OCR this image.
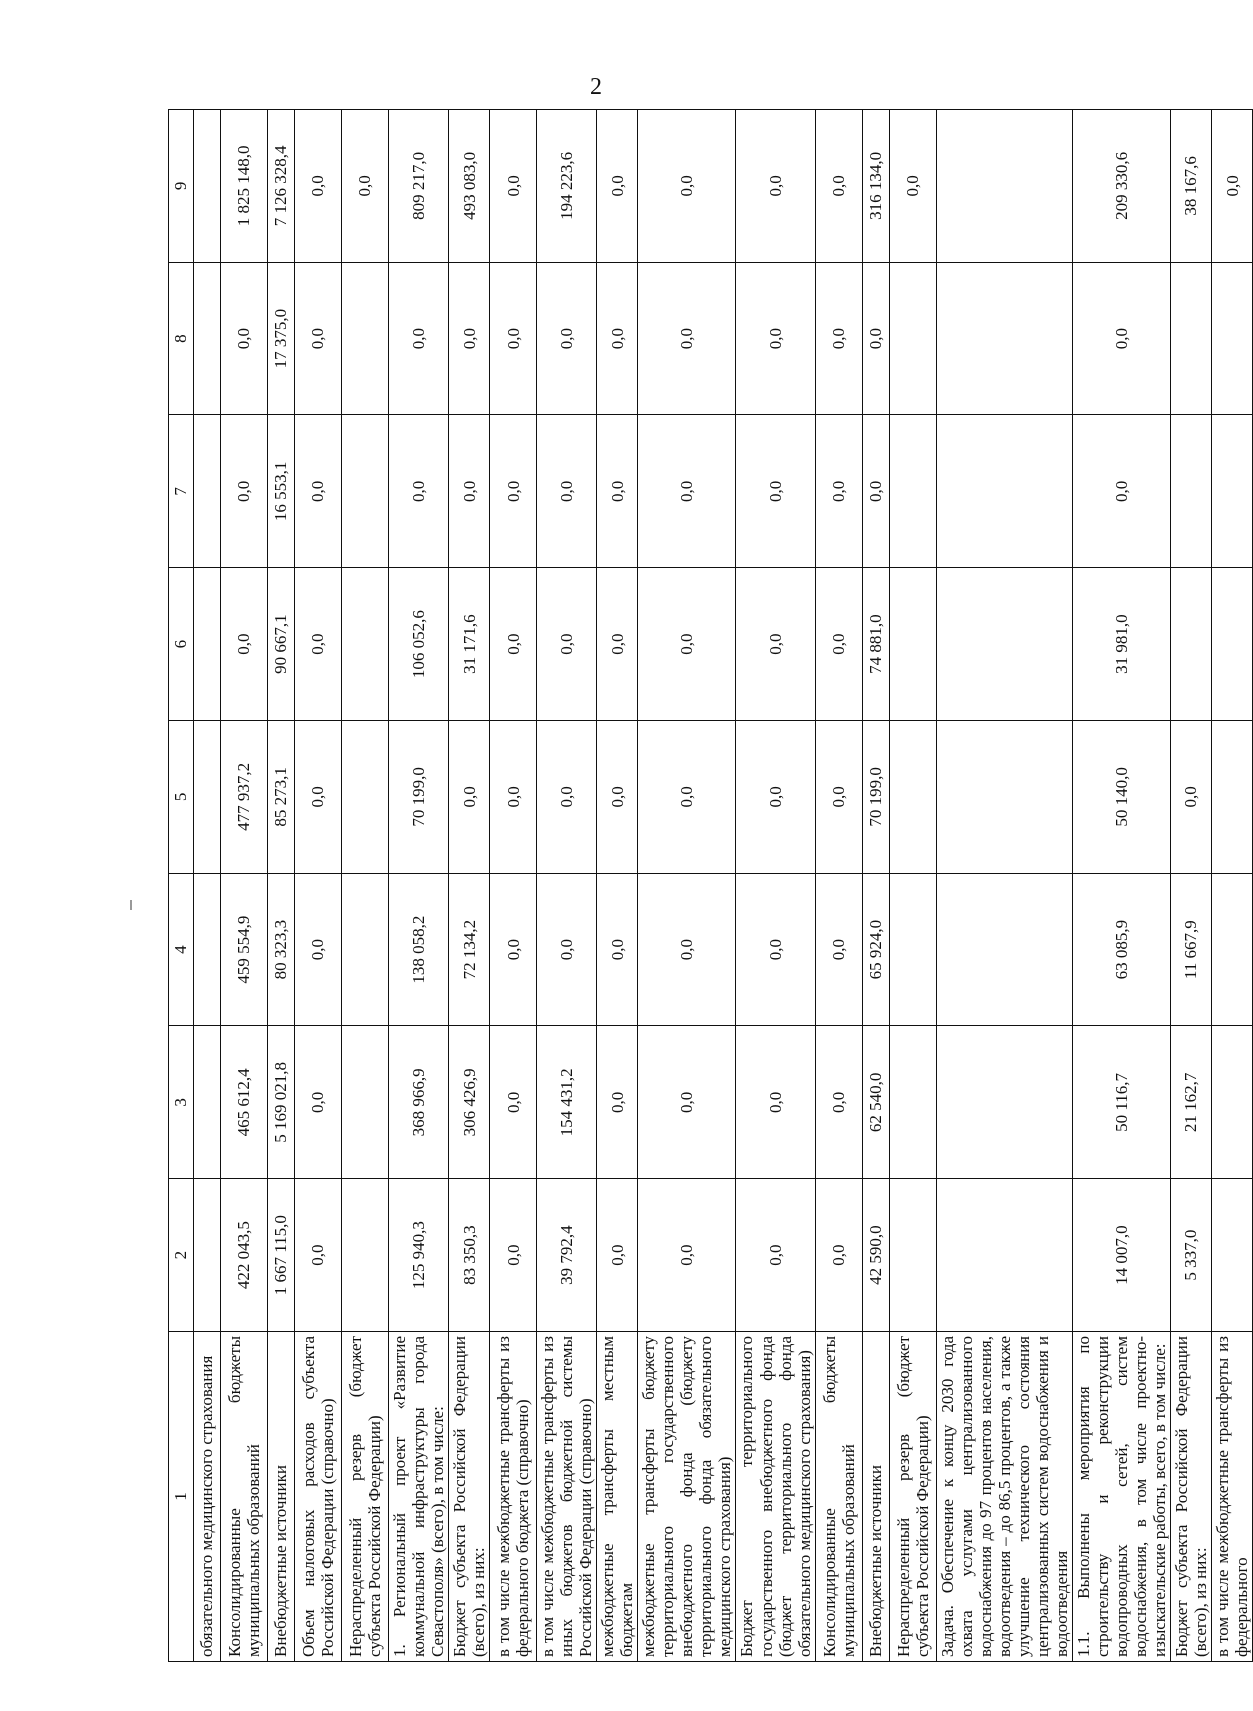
2
1	2	3	4	5	6	7	8	9
обязательного медицинского страхования								
Консолидированные бюджеты муниципальных образований	422 043,5	465 612,4	459 554,9	477 937,2	0,0	0,0	0,0	1 825 148,0
Внебюджетные источники	1 667 115,0	5 169 021,8	80 323,3	85 273,1	90 667,1	16 553,1	17 375,0	7 126 328,4
Объем налоговых расходов субъекта Российской Федерации (справочно)	0,0	0,0	0,0	0,0	0,0	0,0	0,0	0,0
Нераспределенный резерв (бюджет субъекта Российской Федерации)								0,0
1. Региональный проект «Развитие коммунальной инфраструктуры города Севастополя» (всего), в том числе:	125 940,3	368 966,9	138 058,2	70 199,0	106 052,6	0,0	0,0	809 217,0
Бюджет субъекта Российской Федерации (всего), из них:	83 350,3	306 426,9	72 134,2	0,0	31 171,6	0,0	0,0	493 083,0
в том числе межбюджетные трансферты из федерального бюджета (справочно)	0,0	0,0	0,0	0,0	0,0	0,0	0,0	0,0
в том числе межбюджетные трансферты из иных бюджетов бюджетной системы Российской Федерации (справочно)	39 792,4	154 431,2	0,0	0,0	0,0	0,0	0,0	194 223,6
межбюджетные трансферты местным бюджетам	0,0	0,0	0,0	0,0	0,0	0,0	0,0	0,0
межбюджетные трансферты бюджету территориального государственного внебюджетного фонда (бюджету территориального фонда обязательного медицинского страхования)	0,0	0,0	0,0	0,0	0,0	0,0	0,0	0,0
Бюджет территориального государственного внебюджетного фонда (бюджет территориального фонда обязательного медицинского страхования)	0,0	0,0	0,0	0,0	0,0	0,0	0,0	0,0
Консолидированные бюджеты муниципальных образований	0,0	0,0	0,0	0,0	0,0	0,0	0,0	0,0
Внебюджетные источники	42 590,0	62 540,0	65 924,0	70 199,0	74 881,0	0,0	0,0	316 134,0
Нераспределенный резерв (бюджет субъекта Российской Федерации)								0,0
Задача. Обеспечение к концу 2030 года охвата услугами централизованного водоснабжения до 97 процентов населения, водоотведения – до 86,5 процентов, а также улучшение технического состояния централизованных систем водоснабжения и водоотведения								
1.1. Выполнены мероприятия по строительству и реконструкции водопроводных сетей, систем водоснабжения, в том числе проектно-изыскательские работы, всего, в том числе:	14 007,0	50 116,7	63 085,9	50 140,0	31 981,0	0,0	0,0	209 330,6
Бюджет субъекта Российской Федерации (всего), из них:	5 337,0	21 162,7	11 667,9	0,0				38 167,6
в том числе межбюджетные трансферты из федерального								0,0
